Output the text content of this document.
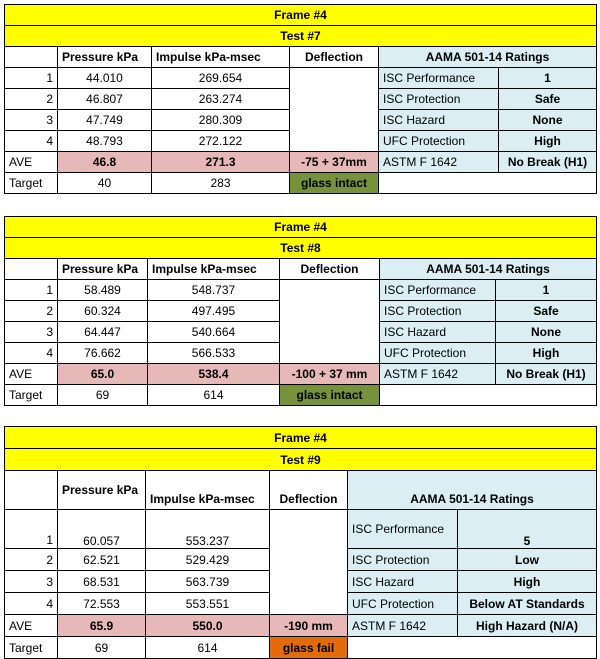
Frame #4					
Test #7					
	Pressure kPa	Impulse kPa-msec	Deflection	AAMA 501-14 Ratings	
1	44.010	269.654		ISC Performance	1
2	46.807	263.274		ISC Protection	Safe
3	47.749	280.309		ISC Hazard	None
4	48.793	272.122		UFC Protection	High
AVE	46.8	271.3	-75 + 37mm	ASTM F 1642	No Break (H1)
Target	40	283	glass intact		
Frame #4					
Test #8					
	Pressure kPa	Impulse kPa-msec	Deflection	AAMA 501-14 Ratings	
1	58.489	548.737		ISC Performance	1
2	60.324	497.495		ISC Protection	Safe
3	64.447	540.664		ISC Hazard	None
4	76.662	566.533		UFC Protection	High
AVE	65.0	538.4	-100 + 37 mm	ASTM F 1642	No Break (H1)
Target	69	614	glass intact		
Frame #4					
Test #9					
	Pressure kPa	Impulse kPa-msec	Deflection	AAMA 501-14 Ratings	
1	60.057	553.237		ISC Performance	5
2	62.521	529.429		ISC Protection	Low
3	68.531	563.739		ISC Hazard	High
4	72.553	553.551		UFC Protection	Below AT Standards
AVE	65.9	550.0	-190 mm	ASTM F 1642	High Hazard (N/A)
Target	69	614	glass fail		
